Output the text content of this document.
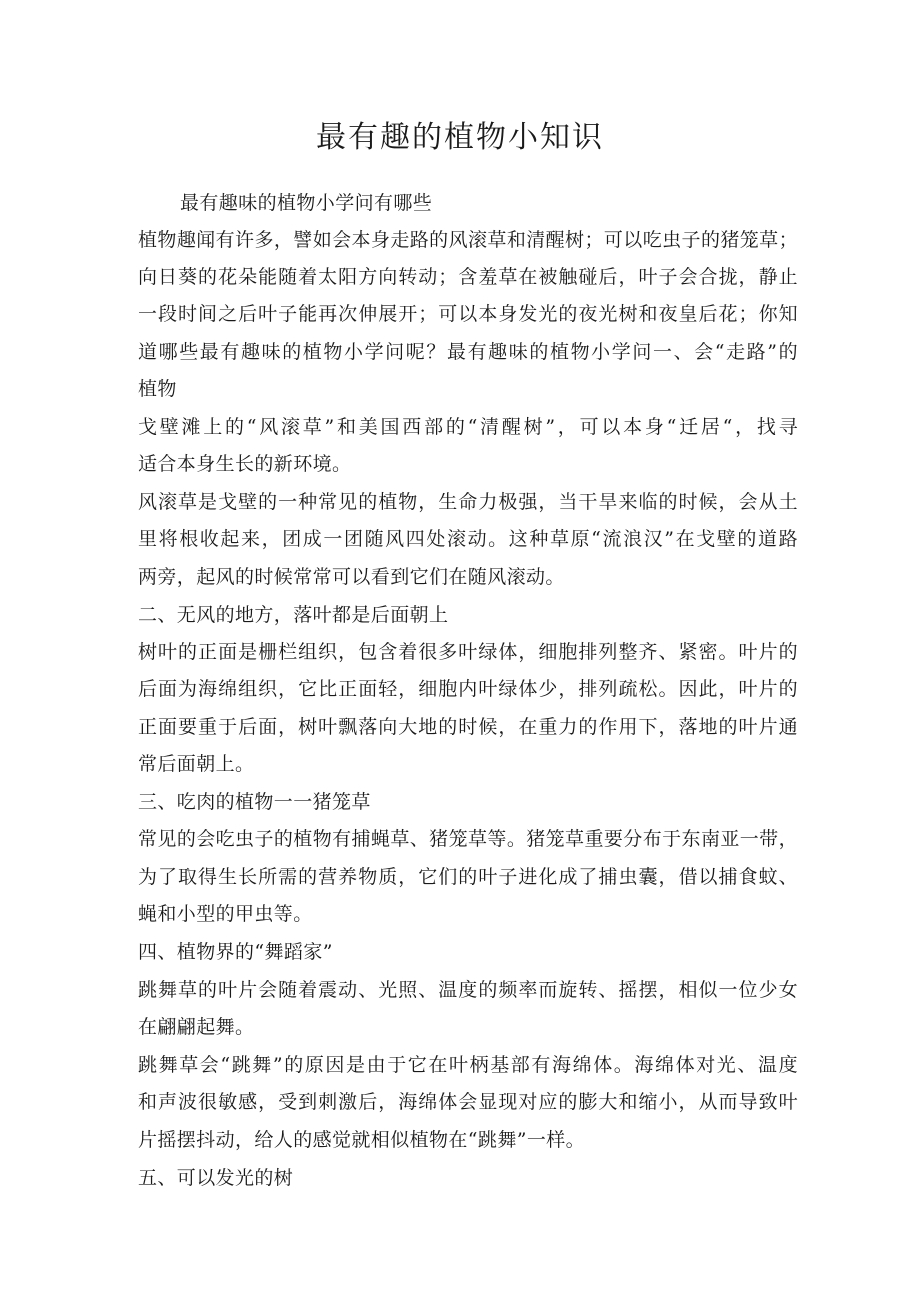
最有趣的植物小知识
最有趣味的植物小学问有哪些
植物趣闻有许多，譬如会本身走路的风滚草和清醒树；可以吃虫子的猪笼草；
向日葵的花朵能随着太阳方向转动；含羞草在被触碰后，叶子会合拢，静止
一段时间之后叶子能再次伸展开；可以本身发光的夜光树和夜皇后花；你知
道哪些最有趣味的植物小学问呢？最有趣味的植物小学问一、会“走路”的
植物
戈壁滩上的“风滚草”和美国西部的“清醒树”，可以本身“迁居“，找寻
适合本身生长的新环境。
风滚草是戈壁的一种常见的植物，生命力极强，当干旱来临的时候，会从土
里将根收起来，团成一团随风四处滚动。这种草原“流浪汉”在戈壁的道路
两旁，起风的时候常常可以看到它们在随风滚动。
二、无风的地方，落叶都是后面朝上
树叶的正面是栅栏组织，包含着很多叶绿体，细胞排列整齐、紧密。叶片的
后面为海绵组织，它比正面轻，细胞内叶绿体少，排列疏松。因此，叶片的
正面要重于后面，树叶飘落向大地的时候，在重力的作用下，落地的叶片通
常后面朝上。
三、吃肉的植物一一猪笼草
常见的会吃虫子的植物有捕蝇草、猪笼草等。猪笼草重要分布于东南亚一带，
为了取得生长所需的营养物质，它们的叶子进化成了捕虫囊，借以捕食蚊、
蝇和小型的甲虫等。
四、植物界的“舞蹈家”
跳舞草的叶片会随着震动、光照、温度的频率而旋转、摇摆，相似一位少女
在翩翩起舞。
跳舞草会“跳舞”的原因是由于它在叶柄基部有海绵体。海绵体对光、温度
和声波很敏感，受到刺激后，海绵体会显现对应的膨大和缩小，从而导致叶
片摇摆抖动，给人的感觉就相似植物在“跳舞”一样。
五、可以发光的树
